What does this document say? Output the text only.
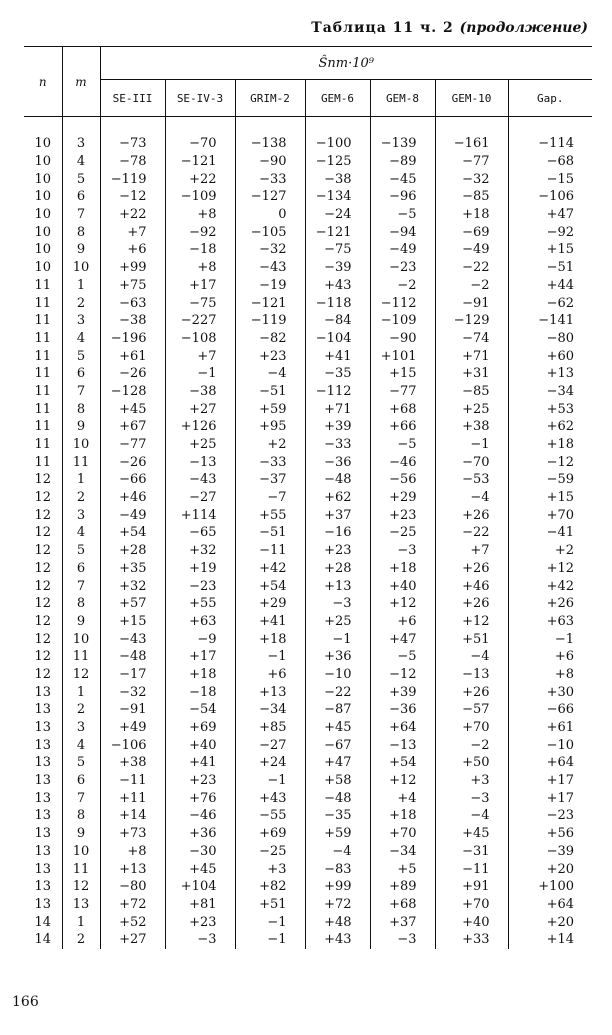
Таблица 11 ч. 2 (продолжение)
n	m	Ŝnm·10⁹						
		SE-III	SE-IV-3	GRIM-2	GEM-6	GEM-8	GEM-10	Gap.
10	3	−73	−70	−138	−100	−139	−161	−114
10	4	−78	−121	−90	−125	−89	−77	−68
10	5	−119	+22	−33	−38	−45	−32	−15
10	6	−12	−109	−127	−134	−96	−85	−106
10	7	+22	+8	0	−24	−5	+18	+47
10	8	+7	−92	−105	−121	−94	−69	−92
10	9	+6	−18	−32	−75	−49	−49	+15
10	10	+99	+8	−43	−39	−23	−22	−51
11	1	+75	+17	−19	+43	−2	−2	+44
11	2	−63	−75	−121	−118	−112	−91	−62
11	3	−38	−227	−119	−84	−109	−129	−141
11	4	−196	−108	−82	−104	−90	−74	−80
11	5	+61	+7	+23	+41	+101	+71	+60
11	6	−26	−1	−4	−35	+15	+31	+13
11	7	−128	−38	−51	−112	−77	−85	−34
11	8	+45	+27	+59	+71	+68	+25	+53
11	9	+67	+126	+95	+39	+66	+38	+62
11	10	−77	+25	+2	−33	−5	−1	+18
11	11	−26	−13	−33	−36	−46	−70	−12
12	1	−66	−43	−37	−48	−56	−53	−59
12	2	+46	−27	−7	+62	+29	−4	+15
12	3	−49	+114	+55	+37	+23	+26	+70
12	4	+54	−65	−51	−16	−25	−22	−41
12	5	+28	+32	−11	+23	−3	+7	+2
12	6	+35	+19	+42	+28	+18	+26	+12
12	7	+32	−23	+54	+13	+40	+46	+42
12	8	+57	+55	+29	−3	+12	+26	+26
12	9	+15	+63	+41	+25	+6	+12	+63
12	10	−43	−9	+18	−1	+47	+51	−1
12	11	−48	+17	−1	+36	−5	−4	+6
12	12	−17	+18	+6	−10	−12	−13	+8
13	1	−32	−18	+13	−22	+39	+26	+30
13	2	−91	−54	−34	−87	−36	−57	−66
13	3	+49	+69	+85	+45	+64	+70	+61
13	4	−106	+40	−27	−67	−13	−2	−10
13	5	+38	+41	+24	+47	+54	+50	+64
13	6	−11	+23	−1	+58	+12	+3	+17
13	7	+11	+76	+43	−48	+4	−3	+17
13	8	+14	−46	−55	−35	+18	−4	−23
13	9	+73	+36	+69	+59	+70	+45	+56
13	10	+8	−30	−25	−4	−34	−31	−39
13	11	+13	+45	+3	−83	+5	−11	+20
13	12	−80	+104	+82	+99	+89	+91	+100
13	13	+72	+81	+51	+72	+68	+70	+64
14	1	+52	+23	−1	+48	+37	+40	+20
14	2	+27	−3	−1	+43	−3	+33	+14
166
